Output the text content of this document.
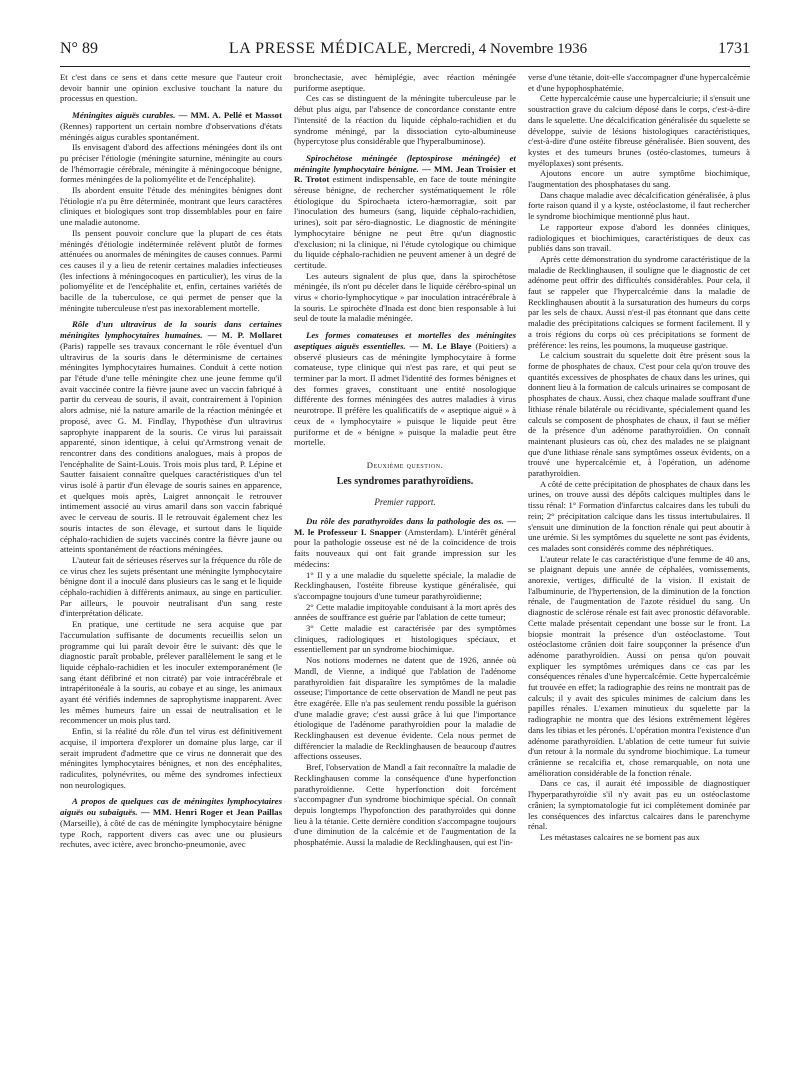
N° 89	LA PRESSE MÉDICALE, Mercredi, 4 Novembre 1936	1731

Et c'est dans ce sens et dans cette mesure que l'auteur croit devoir bannir une opinion exclusive touchant la nature du processus en question.

Méningites aiguës curables. — MM. A. Pellé et Massot (Rennes) rapportent un certain nombre d'observations d'états méningés aigus curables spontanément.

Ils envisagent d'abord des affections méningées dont ils ont pu préciser l'étiologie (méningite saturnine, méningite au cours de l'hémorragie cérébrale, méningite à méningocoque bénigne, formes méningées de la poliomyélite et de l'encéphalite).

Ils abordent ensuite l'étude des méningites bénignes dont l'étiologie n'a pu être déterminée, montrant que leurs caractères cliniques et biologiques sont trop dissemblables pour en faire une maladie autonome.

Ils pensent pouvoir conclure que la plupart de ces états méningés d'étiologie indéterminée relèvent plutôt de formes atténuées ou anormales de méningites de causes connues. Parmi ces causes il y a lieu de retenir certaines maladies infectieuses (les infections à méningocoques en particulier), les virus de la poliomyélite et de l'encéphalite et, enfin, certaines variétés de bacille de la tuberculose, ce qui permet de penser que la méningite tuberculeuse n'est pas inexorablement mortelle.

Rôle d'un ultravirus de la souris dans certaines méningites lymphocytaires humaines. — M. P. Mollaret (Paris) rappelle ses travaux concernant le rôle éventuel d'un ultravirus de la souris dans le déterminisme de certaines méningites lymphocytaires humaines. Conduit à cette notion par l'étude d'une telle méningite chez une jeune femme qu'il avait vaccinée contre la fièvre jaune avec un vaccin fabriqué à partir du cerveau de souris, il avait, contrairement à l'opinion alors admise, nié la nature amarile de la réaction méningée et proposé, avec G. M. Findlay, l'hypothèse d'un ultravirus saprophyte inapparent de la souris. Ce virus lui paraissait apparenté, sinon identique, à celui qu'Armstrong venait de rencontrer dans des conditions analogues, mais à propos de l'encéphalite de Saint-Louis. Trois mois plus tard, P. Lépine et Sautter faisaient connaître quelques caractéristiques d'un tel virus isolé à partir d'un élevage de souris saines en apparence, et quelques mois après, Laigret annonçait le retrouver intimement associé au virus amaril dans son vaccin fabriqué avec le cerveau de souris. Il le retrouvait également chez les souris intactes de son élevage, et surtout dans le liquide céphalo-rachidien de sujets vaccinés contre la fièvre jaune ou atteints spontanément de réactions méningées.

L'auteur fait de sérieuses réserves sur la fréquence du rôle de ce virus chez les sujets présentant une méningite lymphocytaire bénigne dont il a inoculé dans plusieurs cas le sang et le liquide céphalo-rachidien à différents animaux, au singe en particulier. Par ailleurs, le pouvoir neutralisant d'un sang reste d'interprétation délicate.

En pratique, une certitude ne sera acquise que par l'accumulation suffisante de documents recueillis selon un programme qui lui paraît devoir être le suivant: dès que le diagnostic paraît probable, prélever parallèlement le sang et le liquide céphalo-rachidien et les inoculer extemporanément (le sang étant défibriné et non citraté) par voie intracérébrale et intrapéritonéale à la souris, au cobaye et au singe, les animaux ayant été vérifiés indemnes de saprophytisme inapparent. Avec les mêmes humeurs faire un essai de neutralisation et le recommencer un mois plus tard.

Enfin, si la réalité du rôle d'un tel virus est définitivement acquise, il importera d'explorer un domaine plus large, car il serait imprudent d'admettre que ce virus ne donnerait que des méningites lymphocytaires bénignes, et non des encéphalites, radiculites, polynévrites, ou même des syndromes infectieux non neurologiques.

A propos de quelques cas de méningites lymphocytaires aiguës ou subaiguës. — MM. Henri Roger et Jean Paillas (Marseille), à côté de cas de méningite lymphocytaire bénigne type Roch, rapportent divers cas avec une ou plusieurs rechutes, avec ictère, avec broncho-pneumonie, avec

bronchectasie, avec hémiplégie, avec réaction méningée puriforme aseptique.

Ces cas se distinguent de la méningite tuberculeuse par le début plus aigu, par l'absence de concordance constante entre l'intensité de la réaction du liquide céphalo-rachidien et du syndrome méningé, par la dissociation cyto-albumineuse (hypercytose plus considérable que l'hyperalbuminose).

Spirochétose méningée (leptospirose méningée) et méningite lymphocytaire bénigne. — MM. Jean Troisier et R. Trotot estiment indispensable, en face de toute méningite séreuse bénigne, de rechercher systématiquement le rôle étiologique du Spirochaeta ictero-hæmorragiæ, soit par l'inoculation des humeurs (sang, liquide céphalo-rachidien, urines), soit par séro-diagnostic. Le diagnostic de méningite lymphocytaire bénigne ne peut être qu'un diagnostic d'exclusion; ni la clinique, ni l'étude cytologique ou chimique du liquide céphalo-rachidien ne peuvent amener à un degré de certitude.

Les auteurs signalent de plus que, dans la spirochétose méningée, ils n'ont pu déceler dans le liquide cérébro-spinal un virus « chorio-lymphocytique » par inoculation intracérébrale à la souris. Le spirochète d'Inada est donc bien responsable à lui seul de toute la maladie méningée.

Les formes comateuses et mortelles des méningites aseptiques aiguës essentielles. — M. Le Blaye (Poitiers) a observé plusieurs cas de méningite lymphocytaire à forme comateuse, type clinique qui n'est pas rare, et qui peut se terminer par la mort. Il admet l'identité des formes bénignes et des formes graves, constituant une entité nosologique différente des formes méningées des autres maladies à virus neurotrope. Il préfère les qualificatifs de « aseptique aiguë » à ceux de « lymphocytaire » puisque le liquide peut être puriforme et de « bénigne » puisque la maladie peut être mortelle.
Deuxième question.
Les syndromes parathyroïdiens.
Premier rapport.
Du rôle des parathyroïdes dans la pathologie des os. — M. le Professeur I. Snapper (Amsterdam). L'intérêt général pour la pathologie osseuse est né de la coïncidence de trois faits nouveaux qui ont fait grande impression sur les médecins:

1° Il y a une maladie du squelette spéciale, la maladie de Recklinghausen, l'ostéite fibreuse kystique généralisée, qui s'accompagne toujours d'une tumeur parathyroïdienne;

2° Cette maladie impitoyable conduisant à la mort après des années de souffrance est guérie par l'ablation de cette tumeur;

3° Cette maladie est caractérisée par des symptômes cliniques, radiologiques et histologiques spéciaux, et essentiellement par un syndrome biochimique.

Nos notions modernes ne datent que de 1926, année où Mandl, de Vienne, a indiqué que l'ablation de l'adénome parathyroïdien fait disparaître les symptômes de la maladie osseuse; l'importance de cette observation de Mandl ne peut pas être exagérée. Elle n'a pas seulement rendu possible la guérison d'une maladie grave; c'est aussi grâce à lui que l'importance étiologique de l'adénome parathyroïdien pour la maladie de Recklinghausen est devenue évidente. Cela nous permet de différencier la maladie de Recklinghausen de beaucoup d'autres affections osseuses.

Bref, l'observation de Mandl a fait reconnaître la maladie de Recklinghausen comme la conséquence d'une hyperfonction parathyroïdienne. Cette hyperfonction doit forcément s'accompagner d'un syndrome biochimique spécial. On connaît depuis longtemps l'hypofonction des parathyroïdes qui donne lieu à la tétanie. Cette dernière condition s'accompagne toujours d'une diminution de la calcémie et de l'augmentation de la phosphatémie. Aussi la maladie de Recklinghausen, qui est l'in-

verse d'une tétanie, doit-elle s'accompagner d'une hypercalcémie et d'une hypophosphatémie.

Cette hypercalcémie cause une hypercalciurie; il s'ensuit une soustraction grave du calcium déposé dans le corps, c'est-à-dire dans le squelette. Une décalcification généralisée du squelette se développe, suivie de lésions histologiques caractéristiques, c'est-à-dire d'une ostéite fibreuse généralisée. Bien souvent, des kystes et des tumeurs brunes (ostéo-clastomes, tumeurs à myéloplaxes) sont présents.

Ajoutons encore un autre symptôme biochimique, l'augmentation des phosphatases du sang.

Dans chaque maladie avec décalcification généralisée, à plus forte raison quand il y a kyste, ostéoclastome, il faut rechercher le syndrome biochimique mentionné plus haut.

Le rapporteur expose d'abord les données cliniques, radiologiques et biochimiques, caractéristiques de deux cas publiés dans son travail.

Après cette démonstration du syndrome caractéristique de la maladie de Recklinghausen, il souligne que le diagnostic de cet adénome peut offrir des difficultés considérables. Pour cela, il faut se rappeler que l'hypercalcémie dans la maladie de Recklinghausen aboutit à la sursaturation des humeurs du corps par les sels de chaux. Aussi n'est-il pas étonnant que dans cette maladie des précipitations calciques se forment facilement. Il y a trois régions du corps où ces précipitations se forment de préférence: les reins, les poumons, la muqueuse gastrique.

Le calcium soustrait du squelette doit être présent sous la forme de phosphates de chaux. C'est pour cela qu'on trouve des quantités excessives de phosphates de chaux dans les urines, qui donnent lieu à la formation de calculs urinaires se composant de phosphates de chaux. Aussi, chez chaque malade souffrant d'une lithiase rénale bilatérale ou récidivante, spécialement quand les calculs se composent de phosphates de chaux, il faut se méfier de la présence d'un adénome parathyroïdien. On connaît maintenant plusieurs cas où, chez des malades ne se plaignant que d'une lithiase rénale sans symptômes osseux évidents, on a trouvé une hypercalcémie et, à l'opération, un adénome parathyroïdien.

A côté de cette précipitation de phosphates de chaux dans les urines, on trouve aussi des dépôts calciques multiples dans le tissu rénal: 1° Formation d'infarctus calcaires dans les tubuli du rein; 2° précipitation calcique dans les tissus intertubulaires. Il s'ensuit une diminution de la fonction rénale qui peut aboutir à une urémie. Si les symptômes du squelette ne sont pas évidents, ces malades sont considérés comme des néphrétiques.

L'auteur relate le cas caractéristique d'une femme de 40 ans, se plaignant depuis une année de céphalées, vomissements, anorexie, vertiges, difficulté de la vision. Il existait de l'albuminurie, de l'hypertension, de la diminution de la fonction rénale, de l'augmentation de l'azote résiduel du sang. Un diagnostic de sclérose rénale est fait avec pronostic défavorable. Cette malade présentait cependant une bosse sur le front. La biopsie montrait la présence d'un ostéoclastome. Tout ostéoclastome crânien doit faire soupçonner la présence d'un adénome parathyroïdien. Aussi on pensa qu'on pouvait expliquer les symptômes urémiques dans ce cas par les conséquences rénales d'une hypercalcémie. Cette hypercalcémie fut trouvée en effet; la radiographie des reins ne montrait pas de calculs; il y avait des spicules minimes de calcium dans les papilles rénales. L'examen minutieux du squelette par la radiographie ne montra que des lésions extrêmement légères dans les tibias et les péronés. L'opération montra l'existence d'un adénome parathyroïdien. L'ablation de cette tumeur fut suivie d'un retour à la normale du syndrome biochimique. La tumeur crânienne se recalcifia et, chose remarquable, on nota une amélioration considérable de la fonction rénale.

Dans ce cas, il aurait été impossible de diagnostiquer l'hyperparathyroïdie s'il n'y avait pas eu un ostéoclastome crânien; la symptomatologie fut ici complètement dominée par les conséquences des infarctus calcaires dans le parenchyme rénal.

Les métastases calcaires ne se bornent pas aux
